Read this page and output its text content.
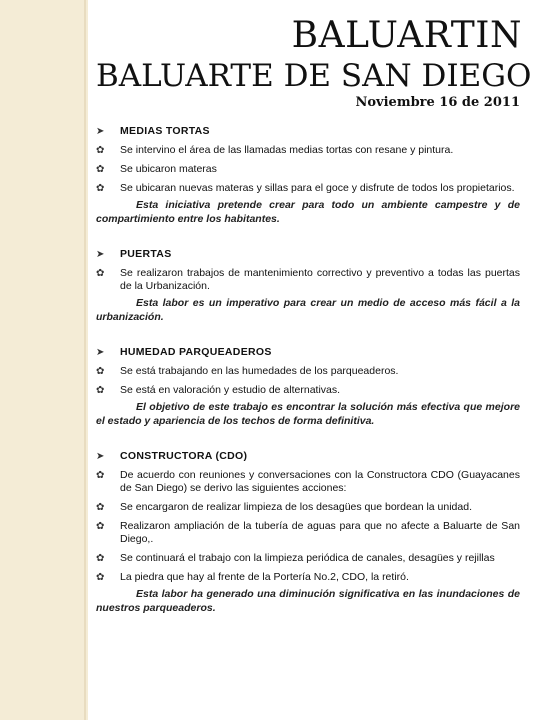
BALUARTIN
BALUARTE DE SAN DIEGO
Noviembre 16 de 2011
➤	MEDIAS TORTAS
✿	Se intervino el área de las llamadas medias tortas con resane y pintura.
✿	Se ubicaron materas
✿	Se ubicaran nuevas materas y sillas para el goce y disfrute de todos los propietarios.
Esta iniciativa pretende crear para todo un ambiente campestre y de compartimiento entre los habitantes.
➤	PUERTAS
✿	Se realizaron trabajos de mantenimiento correctivo y preventivo a todas las puertas de la Urbanización.
Esta labor es un imperativo para crear un medio de acceso más fácil a la urbanización.
➤	HUMEDAD PARQUEADEROS
✿	Se está trabajando en las humedades de los parqueaderos.
✿	Se está en valoración y estudio de alternativas.
El objetivo de este trabajo es encontrar la solución más efectiva que mejore el estado y apariencia de los techos de forma definitiva.
➤	CONSTRUCTORA (CDO)
✿	De acuerdo con reuniones y conversaciones con la Constructora CDO (Guayacanes de San Diego) se derivo las siguientes acciones:
✿	Se encargaron de realizar limpieza de los desagües que bordean la unidad.
✿	Realizaron ampliación de la tubería de aguas para que no afecte a Baluarte de San Diego,.
✿	Se continuará el trabajo con la limpieza periódica de canales, desagües y rejillas
✿	La piedra que hay al frente de la Portería No.2, CDO, la retiró.
Esta labor ha generado una diminución significativa en las inundaciones de nuestros parqueaderos.
